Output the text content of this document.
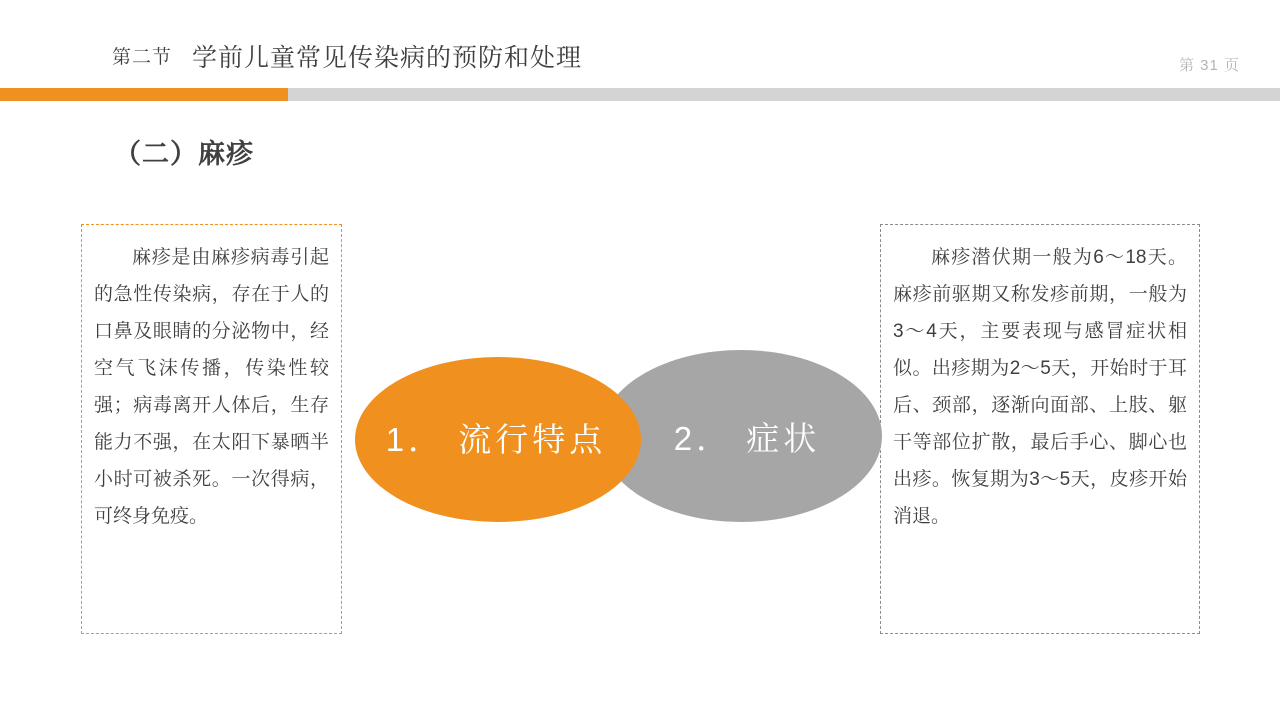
第二节 学前儿童常见传染病的预防和处理	第 31 页
（二）麻疹

麻疹是由麻疹病毒引起的急性传染病，存在于人的口鼻及眼睛的分泌物中，经空气飞沫传播，传染性较强；病毒离开人体后，生存能力不强，在太阳下暴晒半小时可被杀死。一次得病，可终身免疫。

2． 症状
1． 流行特点

麻疹潜伏期一般为6～18天。麻疹前驱期又称发疹前期，一般为3～4天，主要表现与感冒症状相似。出疹期为2～5天，开始时于耳后、颈部，逐渐向面部、上肢、躯干等部位扩散，最后手心、脚心也出疹。恢复期为3～5天，皮疹开始消退。
